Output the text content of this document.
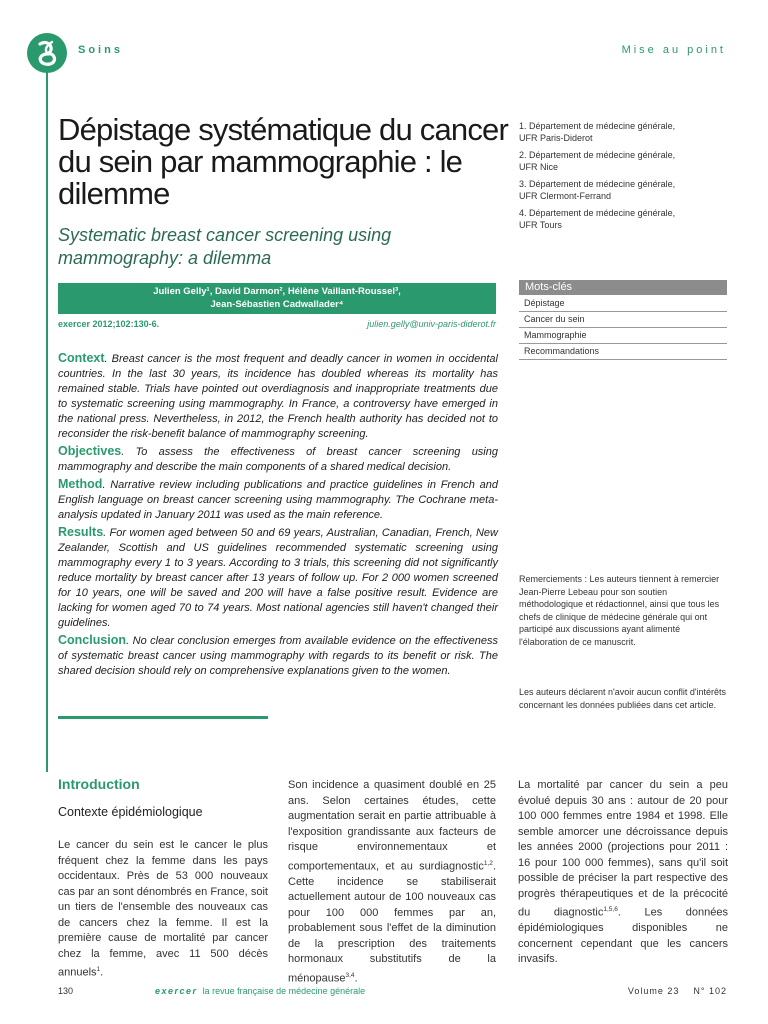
Soins	Mise au point
Dépistage systématique du cancer du sein par mammographie : le dilemme
Systematic breast cancer screening using mammography: a dilemma
Julien Gelly¹, David Darmon², Hélène Vaillant-Roussel³,
Jean-Sébastien Cadwallader⁴
exercer 2012;102:130-6.	julien.gelly@univ-paris-diderot.fr

Context. Breast cancer is the most frequent and deadly cancer in women in occidental countries. In the last 30 years, its incidence has doubled whereas its mortality has remained stable. Trials have pointed out overdiagnosis and inappropriate treatments due to systematic screening using mammography. In France, a controversy have emerged in the national press. Nevertheless, in 2012, the French health authority has decided not to reconsider the risk-benefit balance of mammography screening.

Objectives. To assess the effectiveness of breast cancer screening using mammography and describe the main components of a shared medical decision.

Method. Narrative review including publications and practice guidelines in French and English language on breast cancer screening using mammography. The Cochrane meta-analysis updated in January 2011 was used as the main reference.

Results. For women aged between 50 and 69 years, Australian, Canadian, French, New Zealander, Scottish and US guidelines recommended systematic screening using mammography every 1 to 3 years. According to 3 trials, this screening did not significantly reduce mortality by breast cancer after 13 years of follow up. For 2 000 women screened for 10 years, one will be saved and 200 will have a false positive result. Evidence are lacking for women aged 70 to 74 years. Most national agencies still haven't changed their guidelines.

Conclusion. No clear conclusion emerges from available evidence on the effectiveness of systematic breast cancer using mammography with regards to its benefit or risk. The shared decision should rely on comprehensive explanations given to the women.

1. Département de médecine générale,
UFR Paris-Diderot
2. Département de médecine générale,
UFR Nice
3. Département de médecine générale,
UFR Clermont-Ferrand
4. Département de médecine générale,
UFR Tours
Mots-clés
Dépistage
Cancer du sein
Mammographie
Recommandations
Remerciements : Les auteurs tiennent à remercier Jean-Pierre Lebeau pour son soutien méthodologique et rédactionnel, ainsi que tous les chefs de clinique de médecine générale qui ont participé aux discussions ayant alimenté l'élaboration de ce manuscrit.
Les auteurs déclarent n'avoir aucun conflit d'intérêts concernant les données publiées dans cet article.
Introduction
Contexte épidémiologique
Le cancer du sein est le cancer le plus fréquent chez la femme dans les pays occidentaux. Près de 53 000 nouveaux cas par an sont dénombrés en France, soit un tiers de l'ensemble des nouveaux cas de cancers chez la femme. Il est la première cause de mortalité par cancer chez la femme, avec 11 500 décès annuels$^1$.
Son incidence a quasiment doublé en 25 ans. Selon certaines études, cette augmentation serait en partie attribuable à l'exposition grandissante aux facteurs de risque environnementaux et comportementaux, et au surdiagnostic$^{1,2}$. Cette incidence se stabiliserait actuellement autour de 100 nouveaux cas pour 100 000 femmes par an, probablement sous l'effet de la diminution de la prescription des traitements hormonaux substitutifs de la ménopause$^{3,4}$.
La mortalité par cancer du sein a peu évolué depuis 30 ans : autour de 20 pour 100 000 femmes entre 1984 et 1998. Elle semble amorcer une décroissance depuis les années 2000 (projections pour 2011 : 16 pour 100 000 femmes), sans qu'il soit possible de préciser la part respective des progrès thérapeutiques et de la précocité du diagnostic$^{1,5,6}$. Les données épidémiologiques disponibles ne concernent cependant que les cancers invasifs.
130	exercer la revue française de médecine générale	Volume 23 N° 102
